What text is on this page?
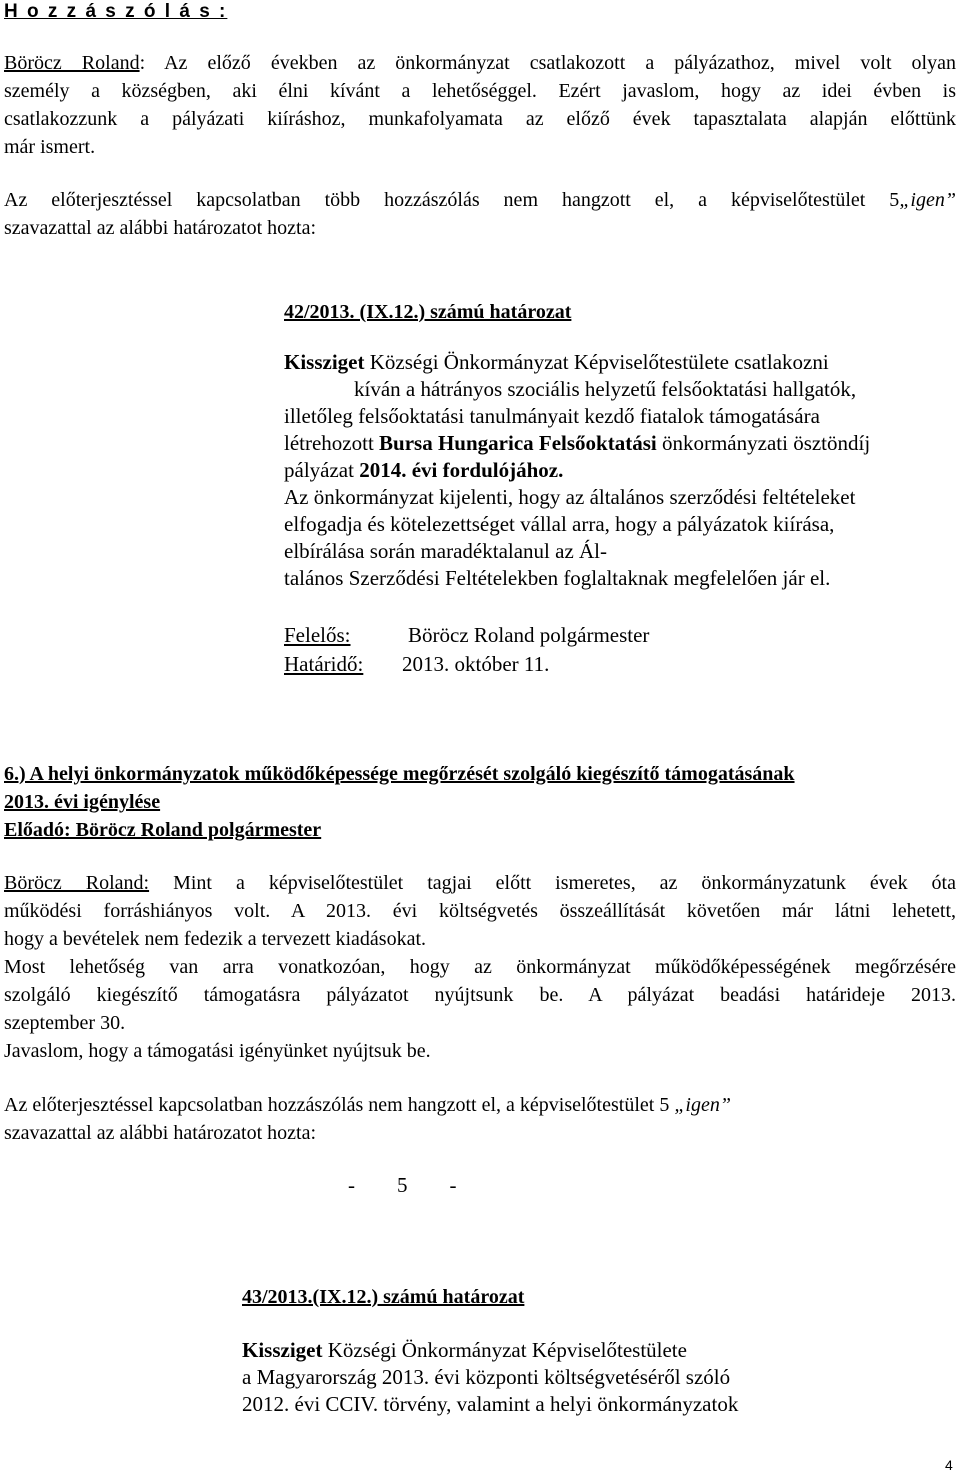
H o z z á s z ó l á s :

Böröcz Roland: Az előző években az önkormányzat csatlakozott a pályázathoz, mivel volt olyan

személy a községben, aki élni kívánt a lehetőséggel. Ezért javaslom, hogy az idei évben is

csatlakozzunk a pályázati kiíráshoz, munkafolyamata az előző évek tapasztalata alapján előttünk

már ismert.

Az előterjesztéssel kapcsolatban több hozzászólás nem hangzott el, a képviselőtestület 5„igen”

szavazattal az alábbi határozatot hozta:

42/2013. (IX.12.) számú határozat

Kissziget Községi Önkormányzat Képviselőtestülete csatlakozni

kíván a hátrányos szociális helyzetű felsőoktatási hallgatók,

illetőleg felsőoktatási tanulmányait kezdő fiatalok támogatására

létrehozott Bursa Hungarica Felsőoktatási önkormányzati ösztöndíj

pályázat 2014. évi fordulójához.

Az önkormányzat kijelenti, hogy az általános szerződési feltételeket

elfogadja és kötelezettséget vállal arra, hogy a pályázatok kiírása,

elbírálása során maradéktalanul az Ál-

talános Szerződési Feltételekben foglaltaknak megfelelően jár el.

Felelős:	Böröcz Roland polgármester

Határidő: 2013. október 11.

6.) A helyi önkormányzatok működőképessége megőrzését szolgáló kiegészítő támogatásának

2013. évi igénylése

Előadó: Böröcz Roland polgármester

Böröcz Roland: Mint a képviselőtestület tagjai előtt ismeretes, az önkormányzatunk évek óta

működési forráshiányos volt. A 2013. évi költségvetés összeállítását követően már látni lehetett,

hogy a bevételek nem fedezik a tervezett kiadásokat.

Most lehetőség van arra vonatkozóan, hogy az önkormányzat működőképességének megőrzésére

szolgáló kiegészítő támogatásra pályázatot nyújtsunk be. A pályázat beadási határideje 2013.

szeptember 30.

Javaslom, hogy a támogatási igényünket nyújtsuk be.

Az előterjesztéssel kapcsolatban hozzászólás nem hangzott el, a képviselőtestület 5 „igen”

szavazattal az alábbi határozatot hozta:

-        5        -

43/2013.(IX.12.) számú határozat

Kissziget Községi Önkormányzat Képviselőtestülete

a Magyarország 2013. évi központi költségvetéséről szóló

2012. évi CCIV. törvény, valamint a helyi önkormányzatok

4
